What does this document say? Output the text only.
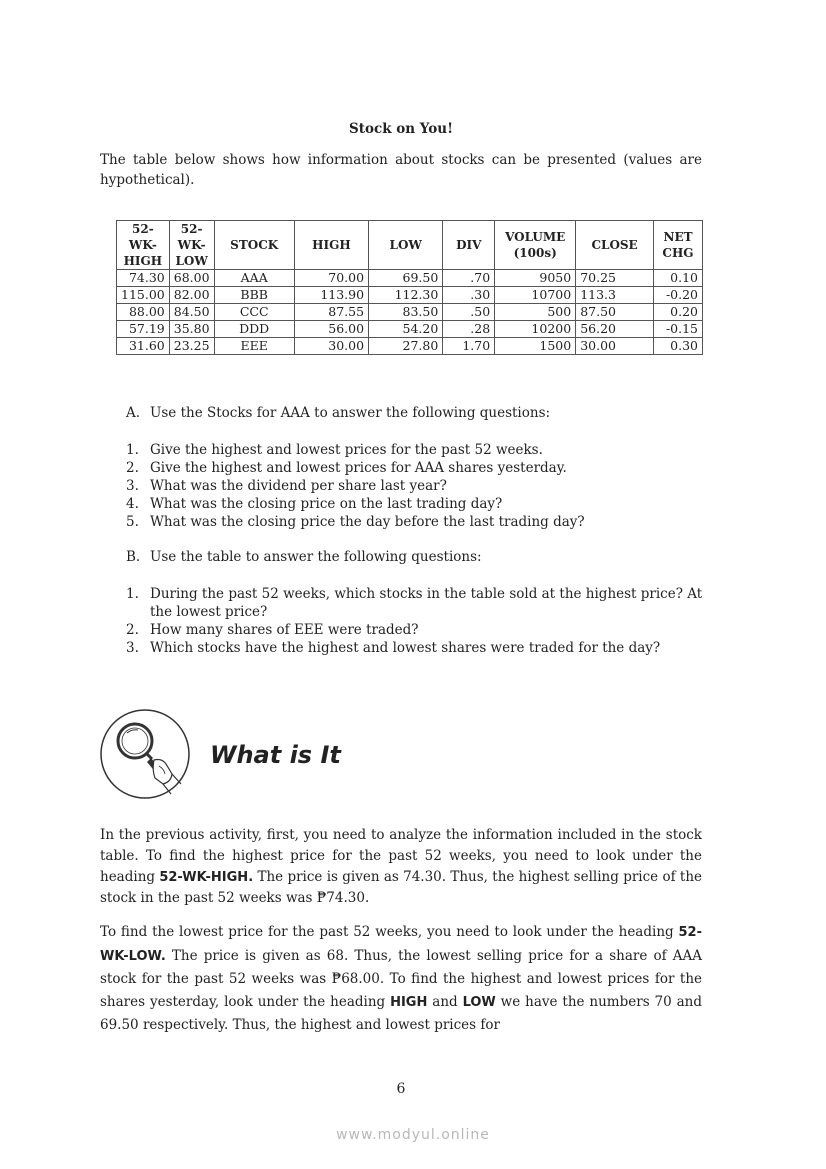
Stock on You!
The table below shows how information about stocks can be presented (values are hypothetical).
52-WK-HIGH	52-WK-LOW	STOCK	HIGH	LOW	DIV	VOLUME (100s)	CLOSE	NET CHG
74.30	68.00	AAA	70.00	69.50	.70	9050	70.25	0.10
115.00	82.00	BBB	113.90	112.30	.30	10700	113.3	-0.20
88.00	84.50	CCC	87.55	83.50	.50	500	87.50	0.20
57.19	35.80	DDD	56.00	54.20	.28	10200	56.20	-0.15
31.60	23.25	EEE	30.00	27.80	1.70	1500	30.00	0.30
A. Use the Stocks for AAA to answer the following questions:
1. Give the highest and lowest prices for the past 52 weeks.
2. Give the highest and lowest prices for AAA shares yesterday.
3. What was the dividend per share last year?
4. What was the closing price on the last trading day?
5. What was the closing price the day before the last trading day?
B. Use the table to answer the following questions:
1. During the past 52 weeks, which stocks in the table sold at the highest price? At the lowest price?
2. How many shares of EEE were traded?
3. Which stocks have the highest and lowest shares were traded for the day?
What is It
In the previous activity, first, you need to analyze the information included in the stock table. To find the highest price for the past 52 weeks, you need to look under the heading 52-WK-HIGH. The price is given as 74.30. Thus, the highest selling price of the stock in the past 52 weeks was ₱74.30.
To find the lowest price for the past 52 weeks, you need to look under the heading 52-WK-LOW. The price is given as 68. Thus, the lowest selling price for a share of AAA stock for the past 52 weeks was ₱68.00. To find the highest and lowest prices for the shares yesterday, look under the heading HIGH and LOW we have the numbers 70 and 69.50 respectively. Thus, the highest and lowest prices for
6
www.modyul.online
